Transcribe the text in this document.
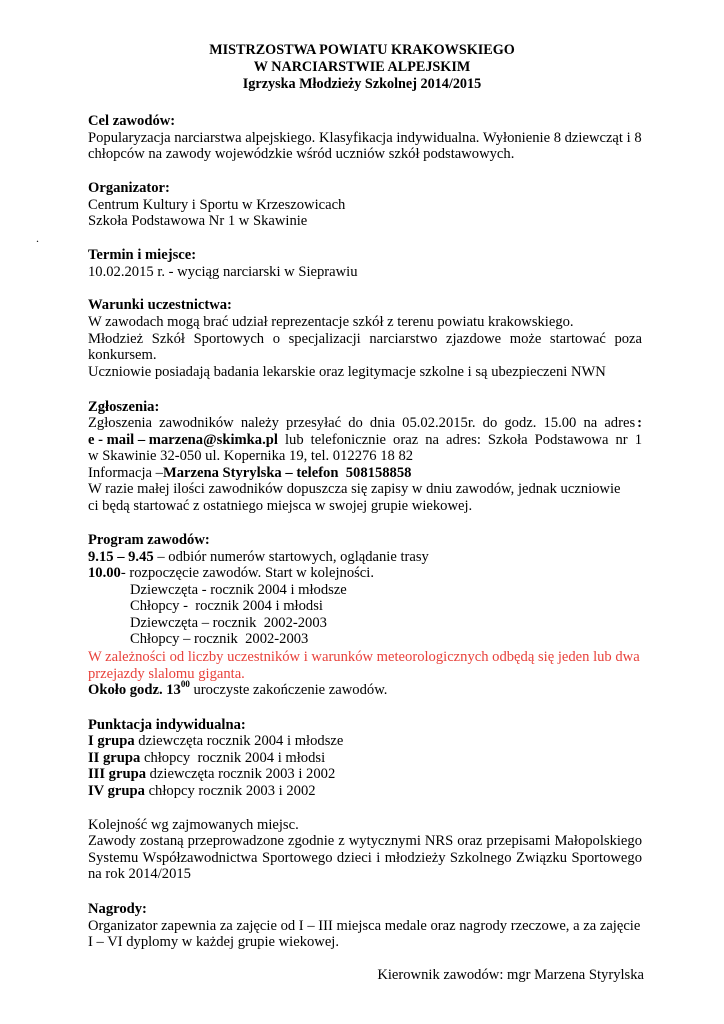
MISTRZOSTWA POWIATU KRAKOWSKIEGO
W NARCIARSTWIE ALPEJSKIM
Igrzyska Młodzieży Szkolnej 2014/2015
Cel zawodów:
Popularyzacja narciarstwa alpejskiego. Klasyfikacja indywidualna. Wyłonienie 8 dziewcząt i 8
chłopców na zawody wojewódzkie wśród uczniów szkół podstawowych.
Organizator:
Centrum Kultury i Sportu w Krzeszowicach
Szkoła Podstawowa Nr 1 w Skawinie
.
Termin i miejsce:
10.02.2015 r. - wyciąg narciarski w Sieprawiu
Warunki uczestnictwa:
W zawodach mogą brać udział reprezentacje szkół z terenu powiatu krakowskiego.
Młodzież Szkół Sportowych o specjalizacji narciarstwo zjazdowe może startować poza
konkursem.
Uczniowie posiadają badania lekarskie oraz legitymacje szkolne i są ubezpieczeni NWN
Zgłoszenia:
Zgłoszenia zawodników należy przesyłać do dnia 05.02.2015r. do godz. 15.00 na adres :
e - mail – marzena@skimka .pl lub telefonicznie oraz na adres: Szkoła Podstawowa nr 1
w Skawinie 32-050 ul. Kopernika 19, tel. 012276 18 82
Informacja –Marzena Styrylska – telefon  508158858
W razie małej ilości zawodników dopuszcza się zapisy w dniu zawodów, jednak uczniowie
ci będą startować z ostatniego miejsca w swojej grupie wiekowej.
Program zawodów:
9.15 – 9.45 – odbiór numerów startowych, oglądanie trasy
10.00- rozpoczęcie zawodów. Start w kolejności.
Dziewczęta - rocznik 2004 i młodsze
Chłopcy -  rocznik 2004 i młodsi
Dziewczęta – rocznik  2002-2003
Chłopcy – rocznik  2002-2003
W zależności od liczby uczestników i warunków meteorologicznych odbędą się jeden lub dwa
przejazdy slalomu giganta.
Około godz. $13^{00}$ uroczyste zakończenie zawodów.
Punktacja indywidualna:
I grupa dziewczęta rocznik 2004 i młodsze
II grupa chłopcy  rocznik 2004 i młodsi
III grupa dziewczęta rocznik 2003 i 2002
IV grupa chłopcy rocznik 2003 i 2002
Kolejność wg zajmowanych miejsc.
Zawody zostaną przeprowadzone zgodnie z wytycznymi NRS oraz przepisami Małopolskiego
Systemu Współzawodnictwa Sportowego dzieci i młodzieży Szkolnego Związku Sportowego
na rok 2014/2015
Nagrody:
Organizator zapewnia za zajęcie od I – III miejsca medale oraz nagrody rzeczowe, a za zajęcie
I – VI dyplomy w każdej grupie wiekowej.
Kierownik zawodów: mgr Marzena Styrylska
